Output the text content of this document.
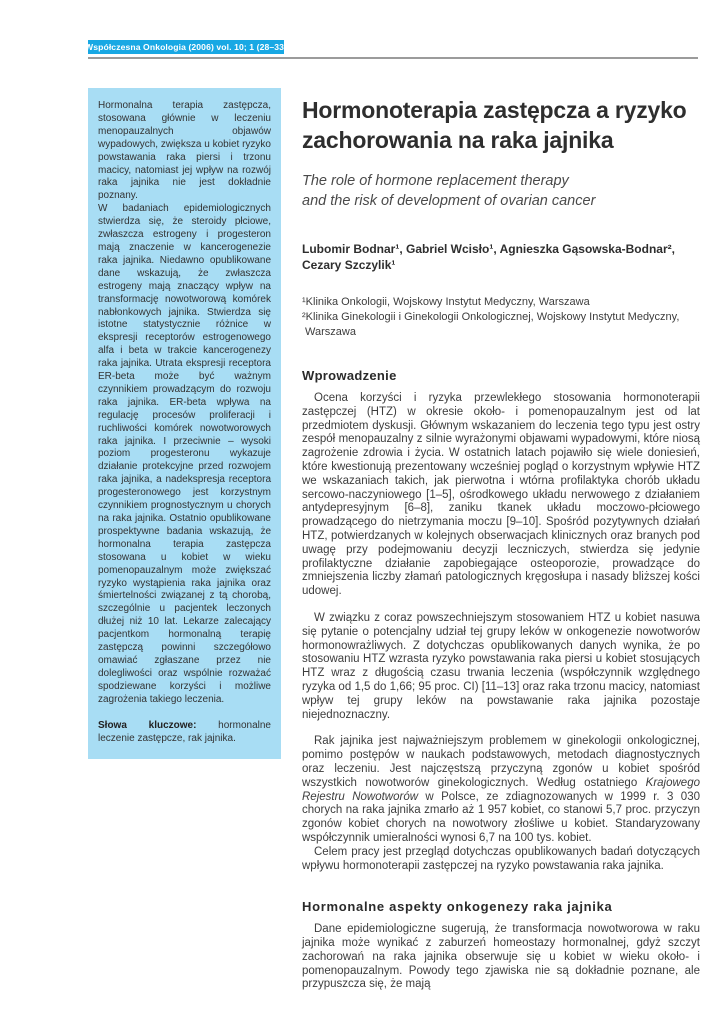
Współczesna Onkologia (2006) vol. 10; 1 (28–33)

Hormonalna terapia zastępcza, stosowana głównie w leczeniu menopauzalnych objawów wypadowych, zwiększa u kobiet ryzyko powstawania raka piersi i trzonu macicy, natomiast jej wpływ na rozwój raka jajnika nie jest dokładnie poznany.

W badaniach epidemiologicznych stwierdza się, że steroidy płciowe, zwłaszcza estrogeny i progesteron mają znaczenie w kancerogenezie raka jajnika. Niedawno opublikowane dane wskazują, że zwłaszcza estrogeny mają znaczący wpływ na transformację nowotworową komórek nabłonkowych jajnika. Stwierdza się istotne statystycznie różnice w ekspresji receptorów estrogenowego alfa i beta w trakcie kancerogenezy raka jajnika. Utrata ekspresji receptora ER-beta może być ważnym czynnikiem prowadzącym do rozwoju raka jajnika. ER-beta wpływa na regulację procesów proliferacji i ruchliwości komórek nowotworowych raka jajnika. I przeciwnie – wysoki poziom progesteronu wykazuje działanie protekcyjne przed rozwojem raka jajnika, a nadekspresja receptora progesteronowego jest korzystnym czynnikiem prognostycznym u chorych na raka jajnika. Ostatnio opublikowane prospektywne badania wskazują, że hormonalna terapia zastępcza stosowana u kobiet w wieku pomenopauzalnym może zwiększać ryzyko wystąpienia raka jajnika oraz śmiertelności związanej z tą chorobą, szczególnie u pacjentek leczonych dłużej niż 10 lat. Lekarze zalecający pacjentkom hormonalną terapię zastępczą powinni szczegółowo omawiać zgłaszane przez nie dolegliwości oraz wspólnie rozważać spodziewane korzyści i możliwe zagrożenia takiego leczenia.

Słowa kluczowe: hormonalne leczenie zastępcze, rak jajnika.

Hormonoterapia zastępcza a ryzyko
zachorowania na raka jajnika
The role of hormone replacement therapy
and the risk of development of ovarian cancer
Lubomir Bodnar¹, Gabriel Wcisło¹, Agnieszka Gąsowska-Bodnar²,
Cezary Szczylik¹
¹Klinika Onkologii, Wojskowy Instytut Medyczny, Warszawa
²Klinika Ginekologii i Ginekologii Onkologicznej, Wojskowy Instytut Medyczny,
Warszawa
Wprowadzenie

Ocena korzyści i ryzyka przewlekłego stosowania hormonoterapii zastępczej (HTZ) w okresie około- i pomenopauzalnym jest od lat przedmiotem dyskusji. Głównym wskazaniem do leczenia tego typu jest ostry zespół menopauzalny z silnie wyrażonymi objawami wypadowymi, które niosą zagrożenie zdrowia i życia. W ostatnich latach pojawiło się wiele doniesień, które kwestionują prezentowany wcześniej pogląd o korzystnym wpływie HTZ we wskazaniach takich, jak pierwotna i wtórna profilaktyka chorób układu sercowo-naczyniowego [1–5], ośrodkowego układu nerwowego z działaniem antydepresyjnym [6–8], zaniku tkanek układu moczowo-płciowego prowadzącego do nietrzymania moczu [9–10]. Spośród pozytywnych działań HTZ, potwierdzanych w kolejnych obserwacjach klinicznych oraz branych pod uwagę przy podejmowaniu decyzji leczniczych, stwierdza się jedynie profilaktyczne działanie zapobiegające osteoporozie, prowadzące do zmniejszenia liczby złamań patologicznych kręgosłupa i nasady bliższej kości udowej.

W związku z coraz powszechniejszym stosowaniem HTZ u kobiet nasuwa się pytanie o potencjalny udział tej grupy leków w onkogenezie nowotworów hormonowrażliwych. Z dotychczas opublikowanych danych wynika, że po stosowaniu HTZ wzrasta ryzyko powstawania raka piersi u kobiet stosujących HTZ wraz z długością czasu trwania leczenia (współczynnik względnego ryzyka od 1,5 do 1,66; 95 proc. CI) [11–13] oraz raka trzonu macicy, natomiast wpływ tej grupy leków na powstawanie raka jajnika pozostaje niejednoznaczny.

Rak jajnika jest najważniejszym problemem w ginekologii onkologicznej, pomimo postępów w naukach podstawowych, metodach diagnostycznych oraz leczeniu. Jest najczęstszą przyczyną zgonów u kobiet spośród wszystkich nowotworów ginekologicznych. Według ostatniego Krajowego Rejestru Nowotworów w Polsce, ze zdiagnozowanych w 1999 r. 3 030 chorych na raka jajnika zmarło aż 1 957 kobiet, co stanowi 5,7 proc. przyczyn zgonów kobiet chorych na nowotwory złośliwe u kobiet. Standaryzowany współczynnik umieralności wynosi 6,7 na 100 tys. kobiet.

Celem pracy jest przegląd dotychczas opublikowanych badań dotyczących wpływu hormonoterapii zastępczej na ryzyko powstawania raka jajnika.

Hormonalne aspekty onkogenezy raka jajnika

Dane epidemiologiczne sugerują, że transformacja nowotworowa w raku jajnika może wynikać z zaburzeń homeostazy hormonalnej, gdyż szczyt zachorowań na raka jajnika obserwuje się u kobiet w wieku około- i pomenopauzalnym. Powody tego zjawiska nie są dokładnie poznane, ale przypuszcza się, że mają
